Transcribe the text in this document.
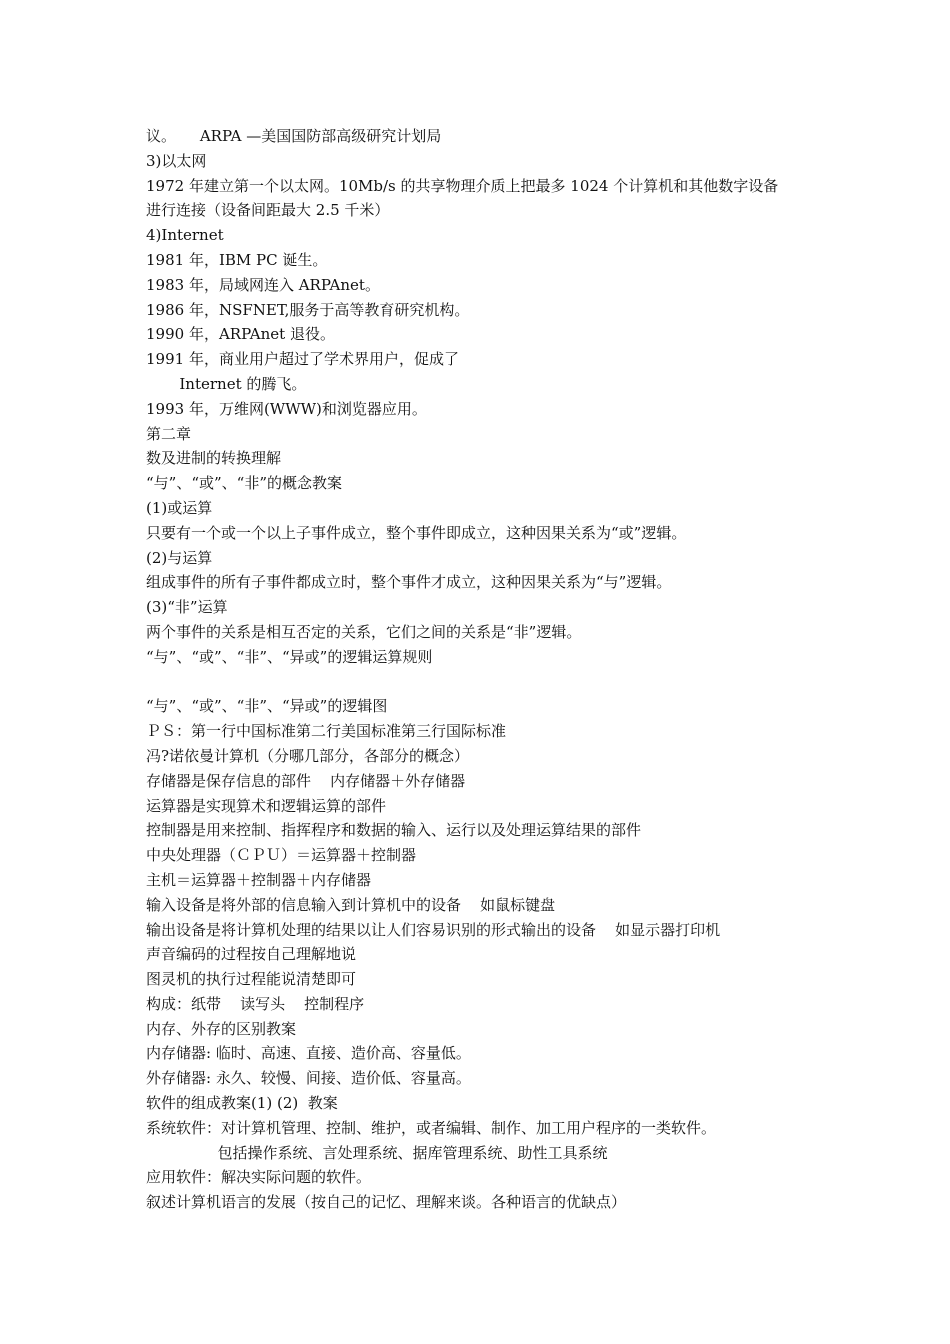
议。     ARPA —美国国防部高级研究计划局

3)以太网

1972 年建立第一个以太网。10Mb/s 的共享物理介质上把最多 1024 个计算机和其他数字设备

进行连接（设备间距最大 2.5 千米）

4)Internet

1981 年，IBM PC 诞生。

1983 年，局域网连入 ARPAnet。

1986 年，NSFNET,服务于高等教育研究机构。

1990 年，ARPAnet 退役。

1991 年，商业用户超过了学术界用户，促成了

Internet 的腾飞。

1993 年，万维网(WWW)和浏览器应用。

第二章

数及进制的转换理解

“与”、“或”、“非”的概念教案

(1)或运算

只要有一个或一个以上子事件成立，整个事件即成立，这种因果关系为“或”逻辑。

(2)与运算

组成事件的所有子事件都成立时，整个事件才成立，这种因果关系为“与”逻辑。

(3)“非”运算

两个事件的关系是相互否定的关系，它们之间的关系是“非”逻辑。

“与”、“或”、“非”、“异或”的逻辑运算规则

“与”、“或”、“非”、“异或”的逻辑图

ＰＳ：第一行中国标准第二行美国标准第三行国际标准

冯?诺依曼计算机（分哪几部分，各部分的概念）

存储器是保存信息的部件    内存储器＋外存储器

运算器是实现算术和逻辑运算的部件

控制器是用来控制、指挥程序和数据的输入、运行以及处理运算结果的部件

中央处理器（ＣＰＵ）＝运算器＋控制器

主机＝运算器＋控制器＋内存储器

输入设备是将外部的信息输入到计算机中的设备    如鼠标键盘

输出设备是将计算机处理的结果以让人们容易识别的形式输出的设备    如显示器打印机

声音编码的过程按自己理解地说

图灵机的执行过程能说清楚即可

构成：纸带    读写头    控制程序

内存、外存的区别教案

内存储器: 临时、高速、直接、造价高、容量低。

外存储器: 永久、较慢、间接、造价低、容量高。

软件的组成教案(1) (2)  教案

系统软件：对计算机管理、控制、维护，或者编辑、制作、加工用户程序的一类软件。

包括操作系统、言处理系统、据库管理系统、助性工具系统

应用软件：解决实际问题的软件。

叙述计算机语言的发展（按自己的记忆、理解来谈。各种语言的优缺点）
